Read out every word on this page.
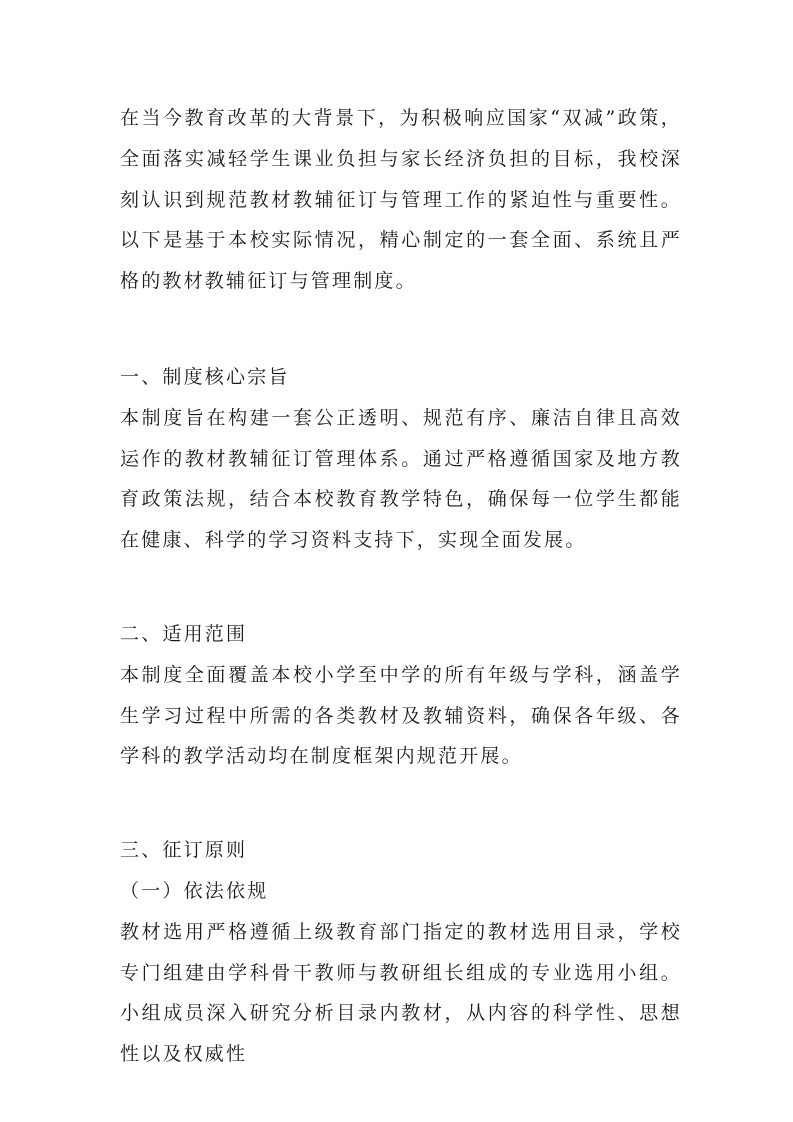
在当今教育改革的大背景下，为积极响应国家“双减”政策，全面落实减轻学生课业负担与家长经济负担的目标，我校深刻认识到规范教材教辅征订与管理工作的紧迫性与重要性。以下是基于本校实际情况，精心制定的一套全面、系统且严格的教材教辅征订与管理制度。

一、制度核心宗旨

本制度旨在构建一套公正透明、规范有序、廉洁自律且高效运作的教材教辅征订管理体系。通过严格遵循国家及地方教育政策法规，结合本校教育教学特色，确保每一位学生都能在健康、科学的学习资料支持下，实现全面发展。

二、适用范围

本制度全面覆盖本校小学至中学的所有年级与学科，涵盖学生学习过程中所需的各类教材及教辅资料，确保各年级、各学科的教学活动均在制度框架内规范开展。

三、征订原则

（一）依法依规

教材选用严格遵循上级教育部门指定的教材选用目录，学校专门组建由学科骨干教师与教研组长组成的专业选用小组。小组成员深入研究分析目录内教材，从内容的科学性、思想性以及权威性
